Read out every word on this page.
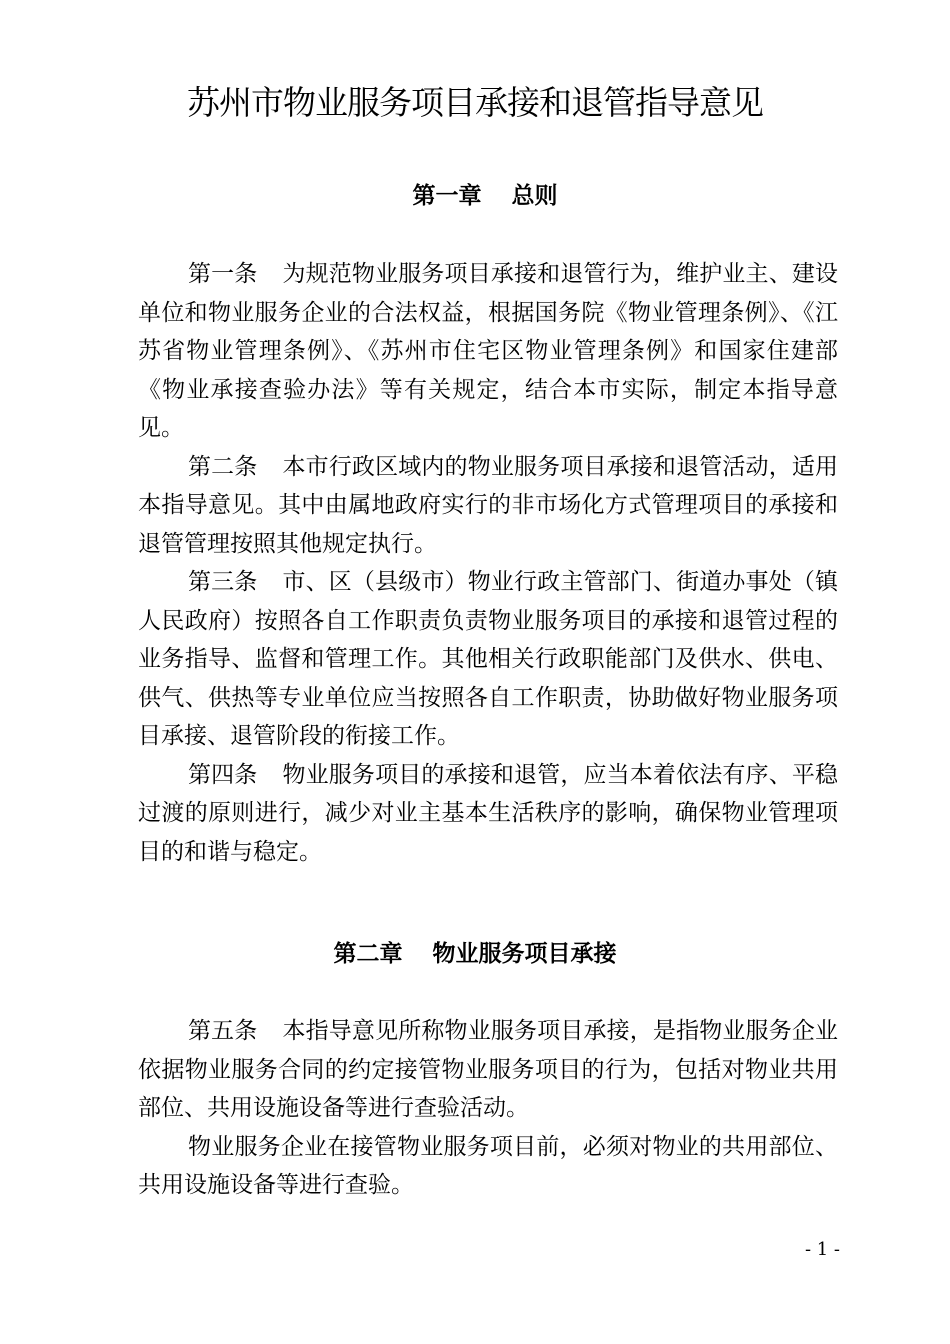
苏州市物业服务项目承接和退管指导意见
第一章 总则

第一条 为规范物业服务项目承接和退管行为，维护业主、建设单位和物业服务企业的合法权益，根据国务院《物业管理条例》、《江苏省物业管理条例》、《苏州市住宅区物业管理条例》和国家住建部《物业承接查验办法》等有关规定，结合本市实际，制定本指导意见。

第二条 本市行政区域内的物业服务项目承接和退管活动，适用本指导意见。其中由属地政府实行的非市场化方式管理项目的承接和退管管理按照其他规定执行。

第三条 市、区（县级市）物业行政主管部门、街道办事处（镇人民政府）按照各自工作职责负责物业服务项目的承接和退管过程的业务指导、监督和管理工作。其他相关行政职能部门及供水、供电、供气、供热等专业单位应当按照各自工作职责，协助做好物业服务项目承接、退管阶段的衔接工作。

第四条 物业服务项目的承接和退管，应当本着依法有序、平稳过渡的原则进行，减少对业主基本生活秩序的影响，确保物业管理项目的和谐与稳定。

第二章 物业服务项目承接

第五条 本指导意见所称物业服务项目承接，是指物业服务企业依据物业服务合同的约定接管物业服务项目的行为，包括对物业共用部位、共用设施设备等进行查验活动。

物业服务企业在接管物业服务项目前，必须对物业的共用部位、共用设施设备等进行查验。

- 1 -
